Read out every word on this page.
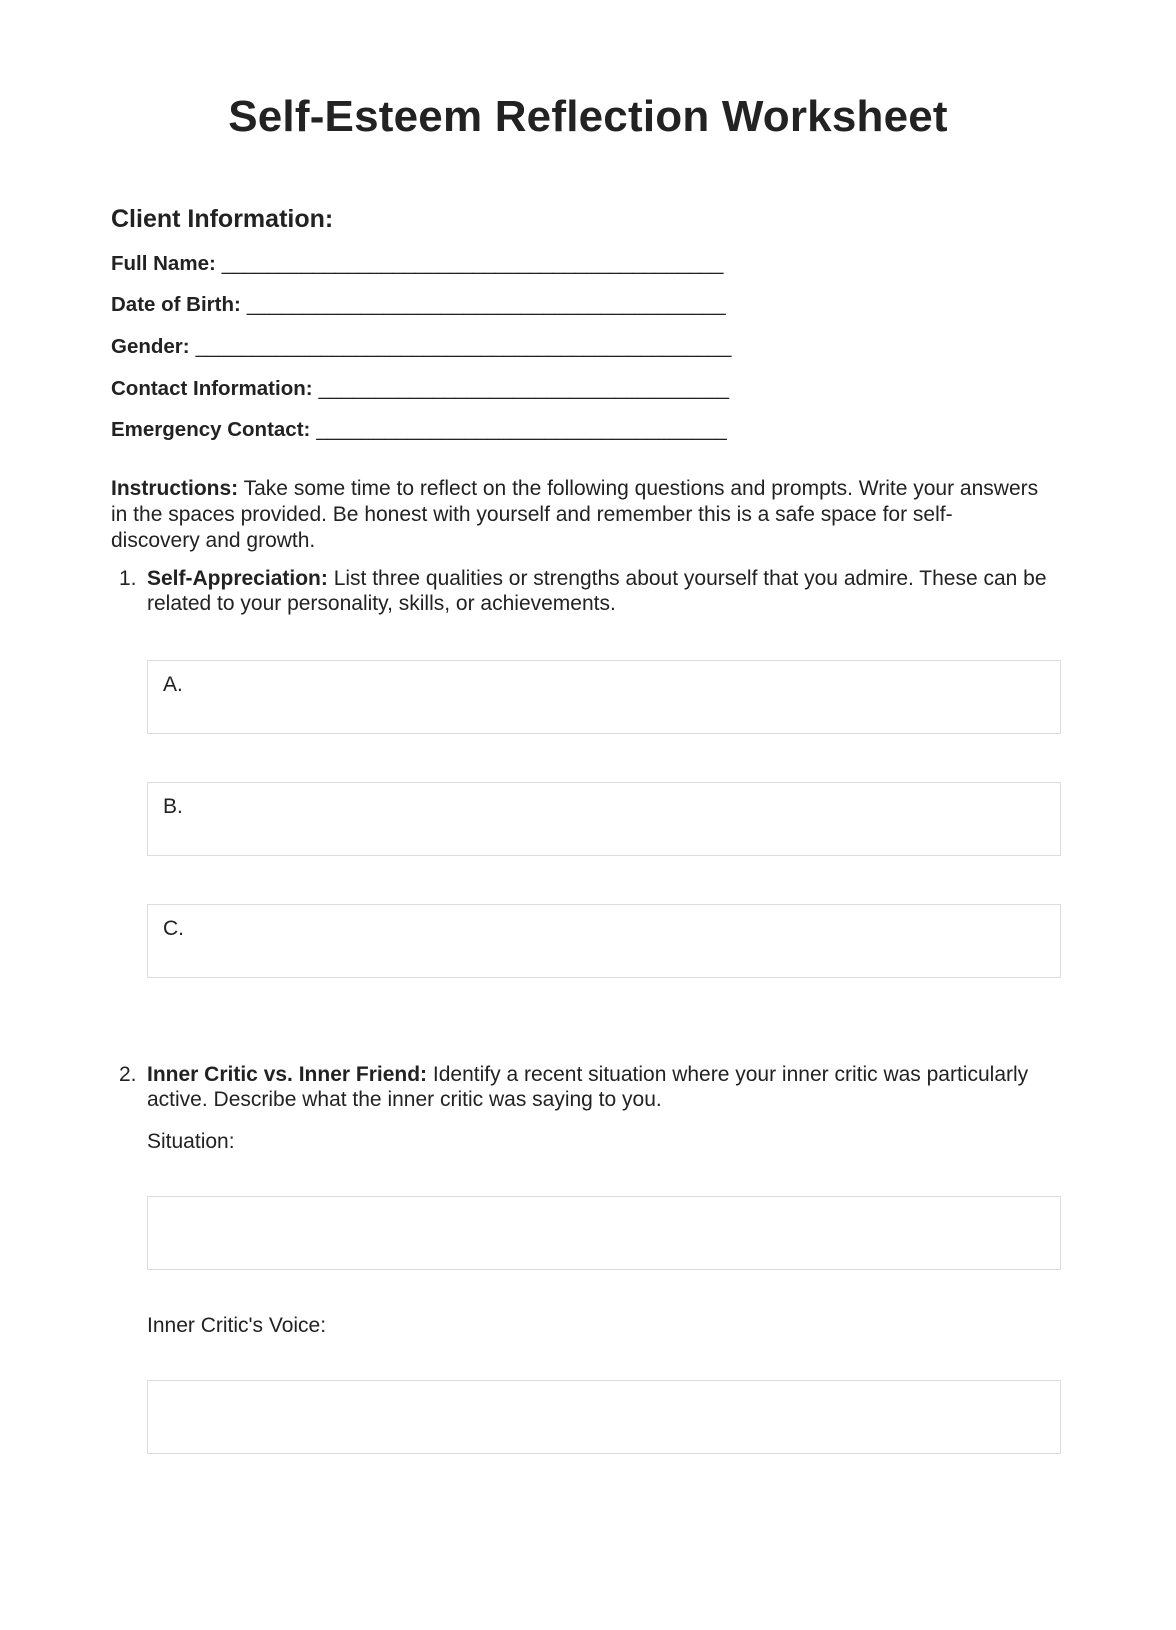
Self-Esteem Reflection Worksheet
Client Information:
Full Name: ____________________________________________
Date of Birth: __________________________________________
Gender: _______________________________________________
Contact Information: ____________________________________
Emergency Contact: ____________________________________

Instructions: Take some time to reflect on the following questions and prompts. Write your answers in the spaces provided. Be honest with yourself and remember this is a safe space for self-discovery and growth.

1. Self-Appreciation: List three qualities or strengths about yourself that you admire. These can be related to your personality, skills, or achievements.
A.
B.
C.
2. Inner Critic vs. Inner Friend: Identify a recent situation where your inner critic was particularly active. Describe what the inner critic was saying to you.
Situation:
Inner Critic's Voice:
